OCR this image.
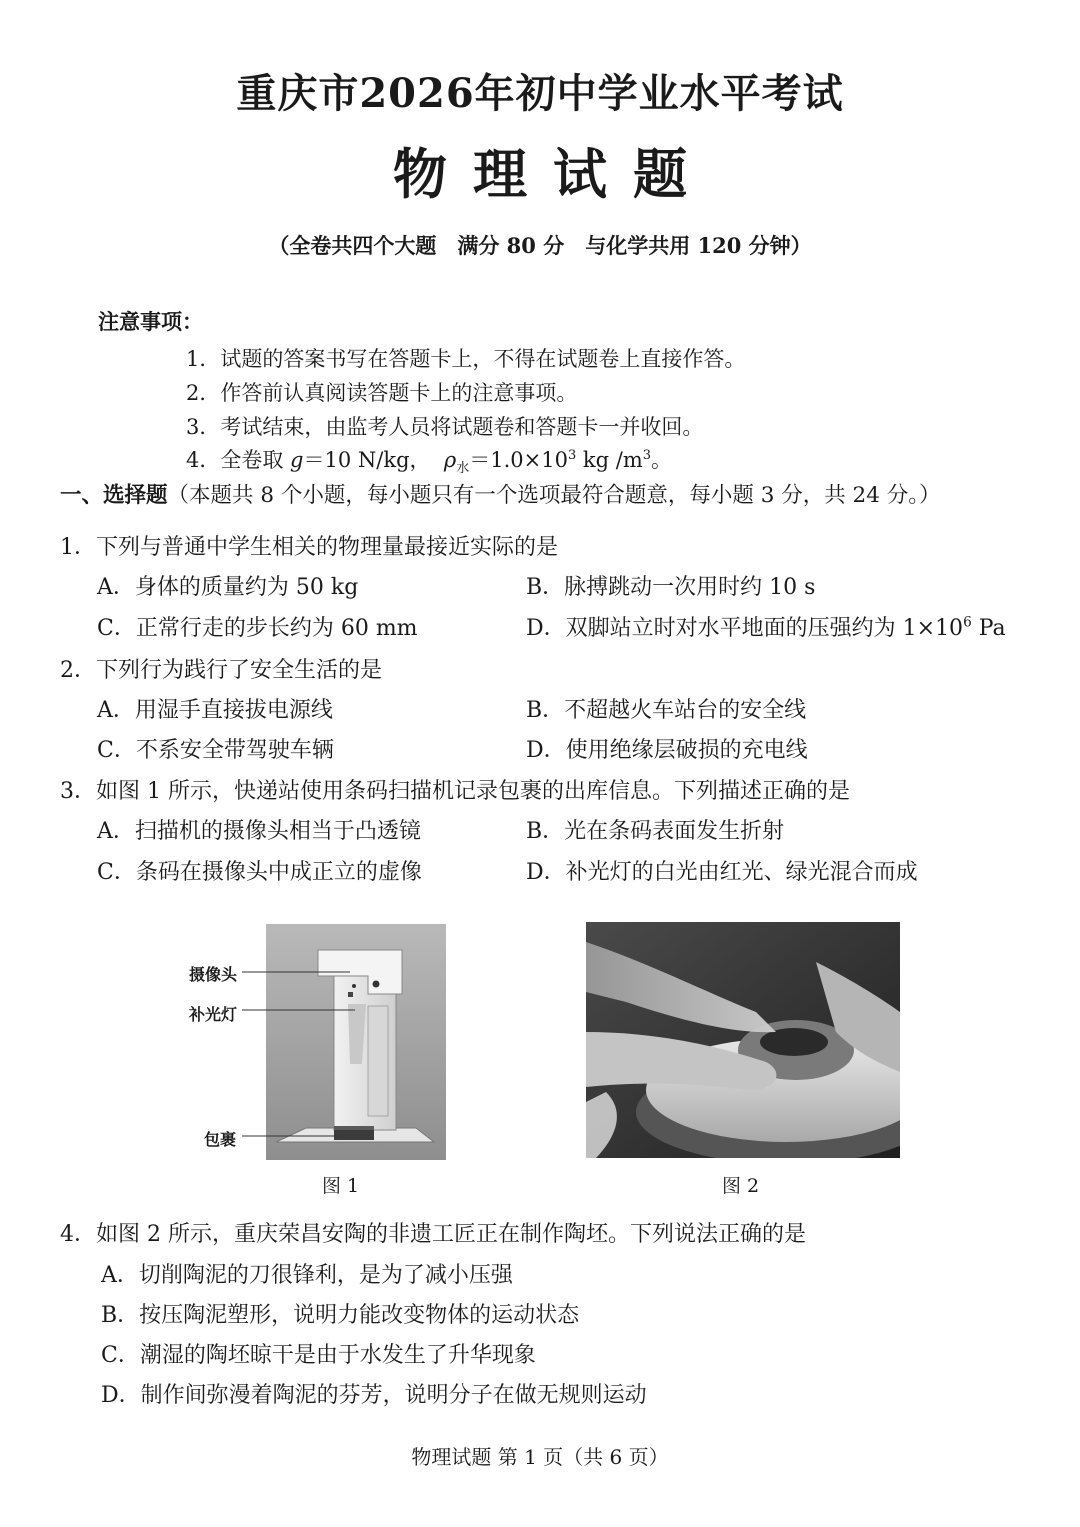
重庆市2026年初中学业水平考试
物理试题
（全卷共四个大题　满分 80 分　与化学共用 120 分钟）
注意事项：
1．试题的答案书写在答题卡上，不得在试题卷上直接作答。
2．作答前认真阅读答题卡上的注意事项。
3．考试结束，由监考人员将试题卷和答题卡一并收回。
4．全卷取 g＝10 N/kg， $\rho_水=1.0\times 10^3$ kg $/m^3$。
一、选择题（本题共 8 个小题，每小题只有一个选项最符合题意，每小题 3 分，共 24 分。）
1．下列与普通中学生相关的物理量最接近实际的是
A．身体的质量约为 50 kg	B．脉搏跳动一次用时约 10 s
C．正常行走的步长约为 60 mm	D．双脚站立时对水平地面的压强约为 $1\times 10^6$ Pa
2．下列行为践行了安全生活的是
A．用湿手直接拔电源线	B．不超越火车站台的安全线
C．不系安全带驾驶车辆	D．使用绝缘层破损的充电线
3．如图 1 所示，快递站使用条码扫描机记录包裹的出库信息。下列描述正确的是
A．扫描机的摄像头相当于凸透镜	B．光在条码表面发生折射
C．条码在摄像头中成正立的虚像	D．补光灯的白光由红光、绿光混合而成
摄像头
补光灯
包裹
图 1	图 2
4．如图 2 所示，重庆荣昌安陶的非遗工匠正在制作陶坯。下列说法正确的是
A．切削陶泥的刀很锋利，是为了减小压强
B．按压陶泥塑形，说明力能改变物体的运动状态
C．潮湿的陶坯晾干是由于水发生了升华现象
D．制作间弥漫着陶泥的芬芳，说明分子在做无规则运动
物理试题 第 1 页（共 6 页）
